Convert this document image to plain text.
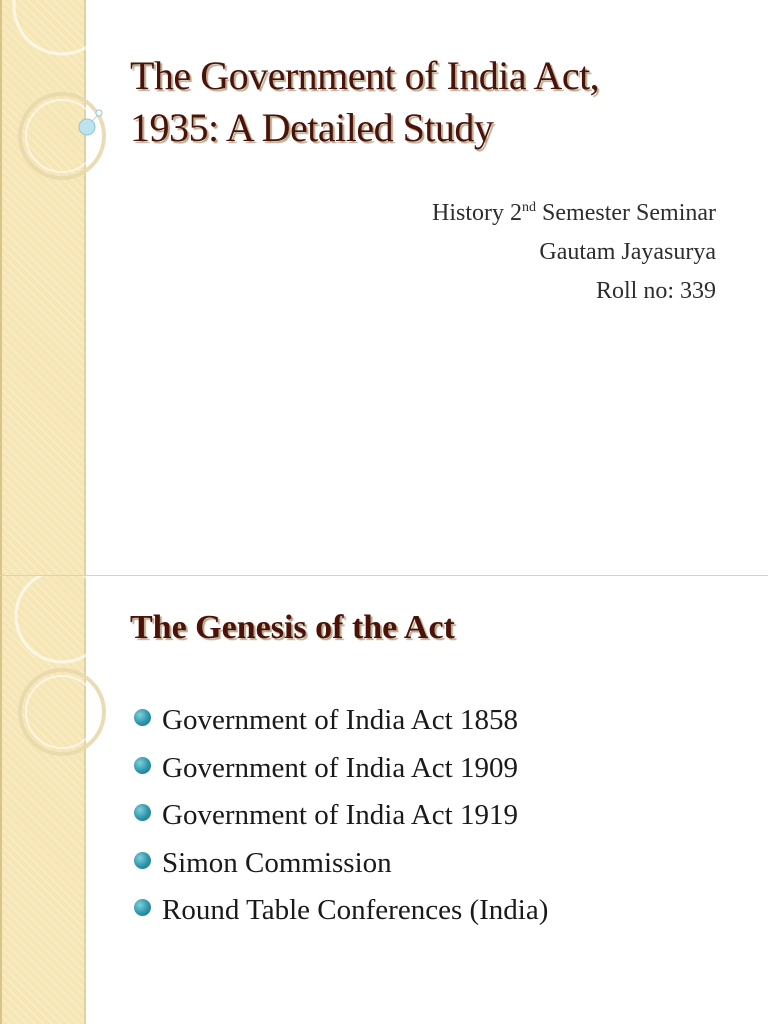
The Government of India Act,
1935: A Detailed Study
History 2nd Semester Seminar
Gautam Jayasurya
Roll no: 339
The Genesis of the Act
Government of India Act 1858
Government of India Act 1909
Government of India Act 1919
Simon Commission
Round Table Conferences (India)
